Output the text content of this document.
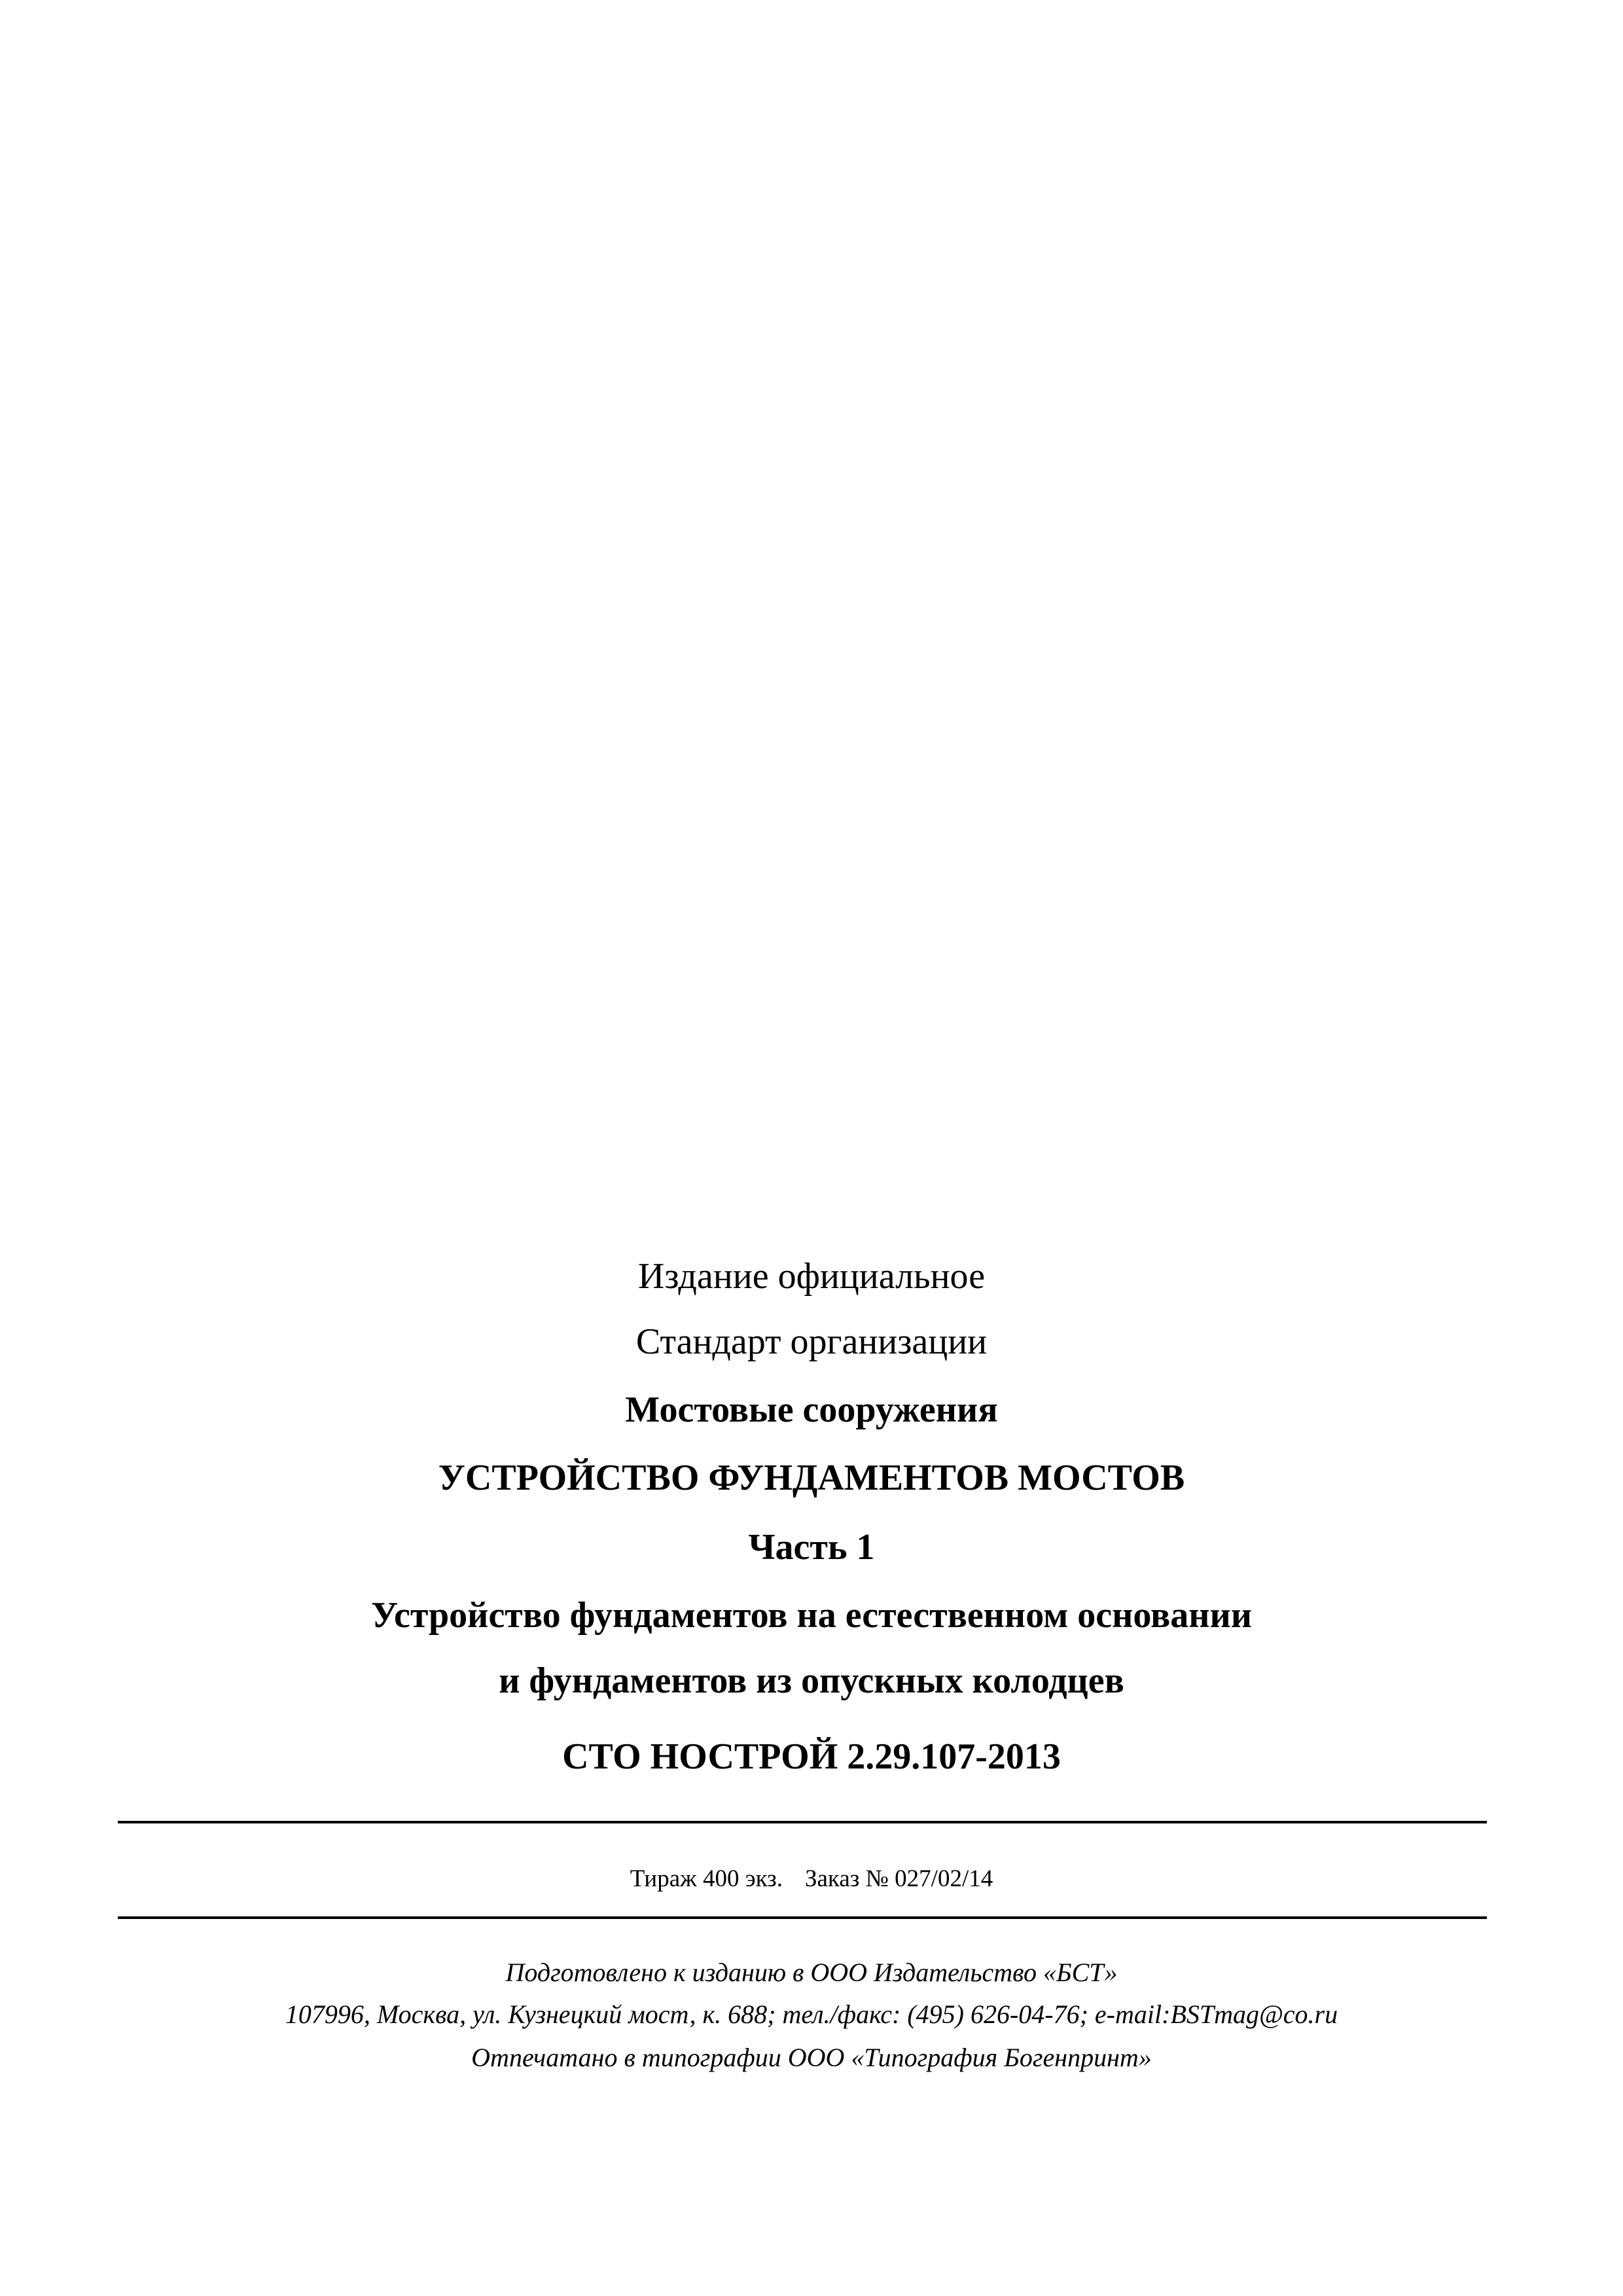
Издание официальное
Стандарт организации
Мостовые сооружения
УСТРОЙСТВО ФУНДАМЕНТОВ МОСТОВ
Часть 1
Устройство фундаментов на естественном основании
и фундаментов из опускных колодцев
СТО НОСТРОЙ 2.29.107-2013
Тираж 400 экз. Заказ № 027/02/14
Подготовлено к изданию в ООО Издательство «БСТ»
107996, Москва, ул. Кузнецкий мост, к. 688; тел./факс: (495) 626-04-76; e-mail:BSTmag@co.ru
Отпечатано в типографии ООО «Типография Богенпринт»
